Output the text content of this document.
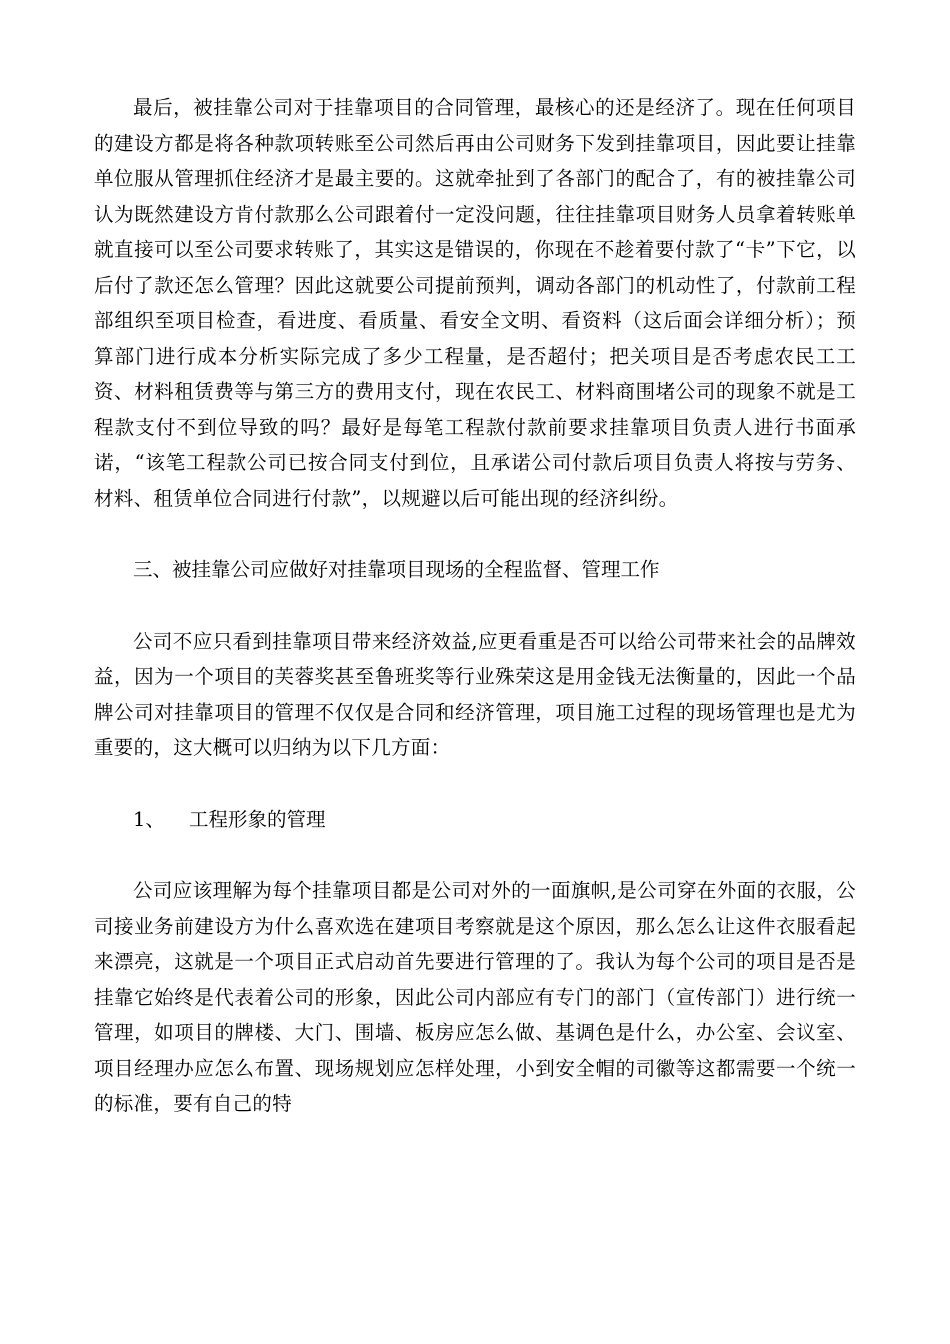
最后，被挂靠公司对于挂靠项目的合同管理，最核心的还是经济了。现在任何项目的建设方都是将各种款项转账至公司然后再由公司财务下发到挂靠项目，因此要让挂靠单位服从管理抓住经济才是最主要的。这就牵扯到了各部门的配合了，有的被挂靠公司认为既然建设方肯付款那么公司跟着付一定没问题，往往挂靠项目财务人员拿着转账单就直接可以至公司要求转账了，其实这是错误的，你现在不趁着要付款了“卡”下它，以后付了款还怎么管理？因此这就要公司提前预判，调动各部门的机动性了，付款前工程部组织至项目检查，看进度、看质量、看安全文明、看资料（这后面会详细分析）；预算部门进行成本分析实际完成了多少工程量，是否超付；把关项目是否考虑农民工工资、材料租赁费等与第三方的费用支付，现在农民工、材料商围堵公司的现象不就是工程款支付不到位导致的吗？最好是每笔工程款付款前要求挂靠项目负责人进行书面承诺，“该笔工程款公司已按合同支付到位，且承诺公司付款后项目负责人将按与劳务、材料、租赁单位合同进行付款”，以规避以后可能出现的经济纠纷。

三、被挂靠公司应做好对挂靠项目现场的全程监督、管理工作

公司不应只看到挂靠项目带来经济效益,应更看重是否可以给公司带来社会的品牌效益，因为一个项目的芙蓉奖甚至鲁班奖等行业殊荣这是用金钱无法衡量的，因此一个品牌公司对挂靠项目的管理不仅仅是合同和经济管理，项目施工过程的现场管理也是尤为重要的，这大概可以归纳为以下几方面：

1、	工程形象的管理

公司应该理解为每个挂靠项目都是公司对外的一面旗帜,是公司穿在外面的衣服，公司接业务前建设方为什么喜欢选在建项目考察就是这个原因，那么怎么让这件衣服看起来漂亮，这就是一个项目正式启动首先要进行管理的了。我认为每个公司的项目是否是挂靠它始终是代表着公司的形象，因此公司内部应有专门的部门（宣传部门）进行统一管理，如项目的牌楼、大门、围墙、板房应怎么做、基调色是什么，办公室、会议室、项目经理办应怎么布置、现场规划应怎样处理，小到安全帽的司徽等这都需要一个统一的标准，要有自己的特
